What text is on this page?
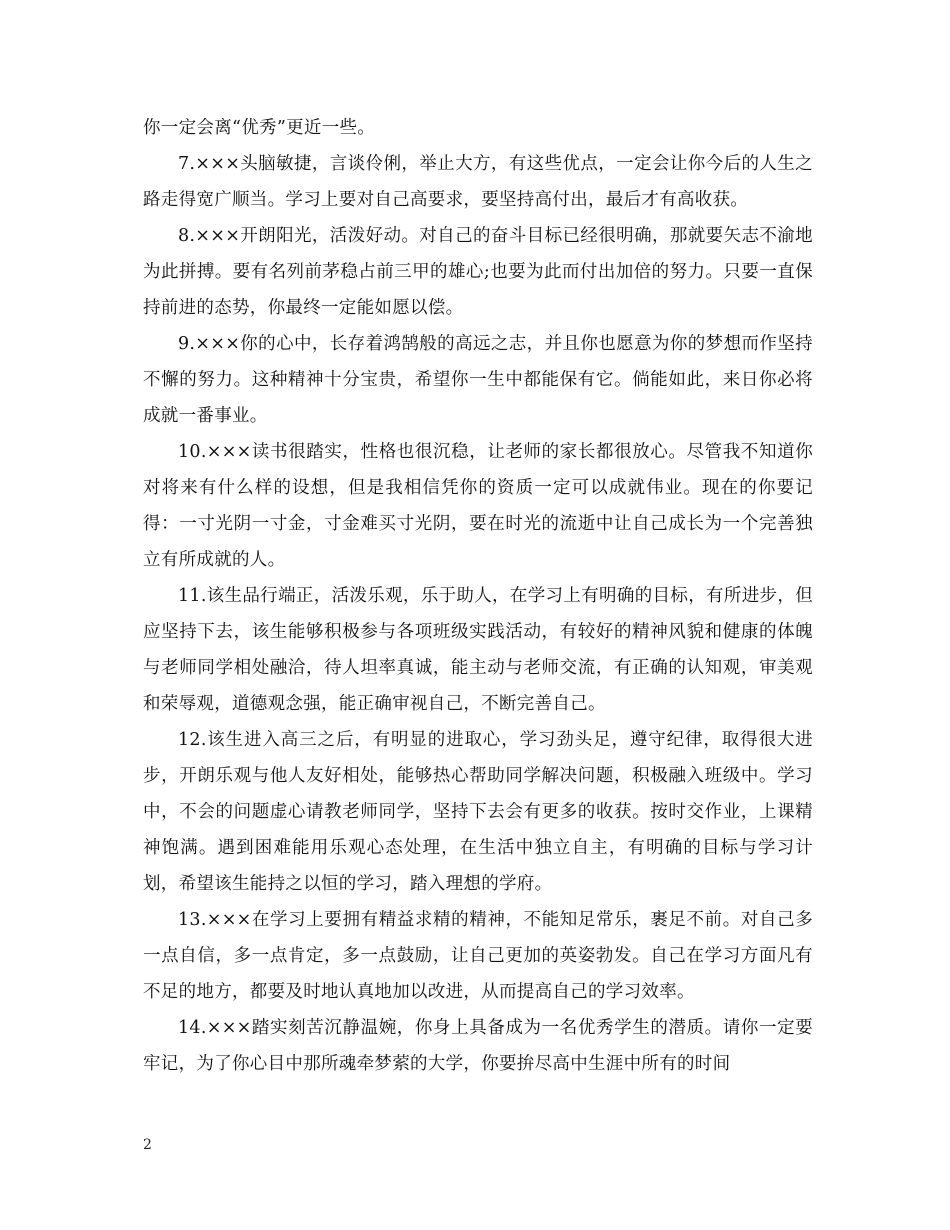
你一定会离“优秀”更近一些。

7.×××头脑敏捷，言谈伶俐，举止大方，有这些优点，一定会让你今后的人生之路走得宽广顺当。学习上要对自己高要求，要坚持高付出，最后才有高收获。

8.×××开朗阳光，活泼好动。对自己的奋斗目标已经很明确，那就要矢志不渝地为此拼搏。要有名列前茅稳占前三甲的雄心;也要为此而付出加倍的努力。只要一直保持前进的态势，你最终一定能如愿以偿。

9.×××你的心中，长存着鸿鹄般的高远之志，并且你也愿意为你的梦想而作坚持不懈的努力。这种精神十分宝贵，希望你一生中都能保有它。倘能如此，来日你必将成就一番事业。

10.×××读书很踏实，性格也很沉稳，让老师的家长都很放心。尽管我不知道你对将来有什么样的设想，但是我相信凭你的资质一定可以成就伟业。现在的你要记得：一寸光阴一寸金，寸金难买寸光阴，要在时光的流逝中让自己成长为一个完善独立有所成就的人。

11.该生品行端正，活泼乐观，乐于助人，在学习上有明确的目标，有所进步，但应坚持下去，该生能够积极参与各项班级实践活动，有较好的精神风貌和健康的体魄与老师同学相处融洽，待人坦率真诚，能主动与老师交流，有正确的认知观，审美观和荣辱观，道德观念强，能正确审视自己，不断完善自己。

12.该生进入高三之后，有明显的进取心，学习劲头足，遵守纪律，取得很大进步，开朗乐观与他人友好相处，能够热心帮助同学解决问题，积极融入班级中。学习中，不会的问题虚心请教老师同学，坚持下去会有更多的收获。按时交作业，上课精神饱满。遇到困难能用乐观心态处理，在生活中独立自主，有明确的目标与学习计划，希望该生能持之以恒的学习，踏入理想的学府。

13.×××在学习上要拥有精益求精的精神，不能知足常乐，裹足不前。对自己多一点自信，多一点肯定，多一点鼓励，让自己更加的英姿勃发。自己在学习方面凡有不足的地方，都要及时地认真地加以改进，从而提高自己的学习效率。

14.×××踏实刻苦沉静温婉，你身上具备成为一名优秀学生的潜质。请你一定要牢记，为了你心目中那所魂牵梦萦的大学，你要拚尽高中生涯中所有的时间

2
